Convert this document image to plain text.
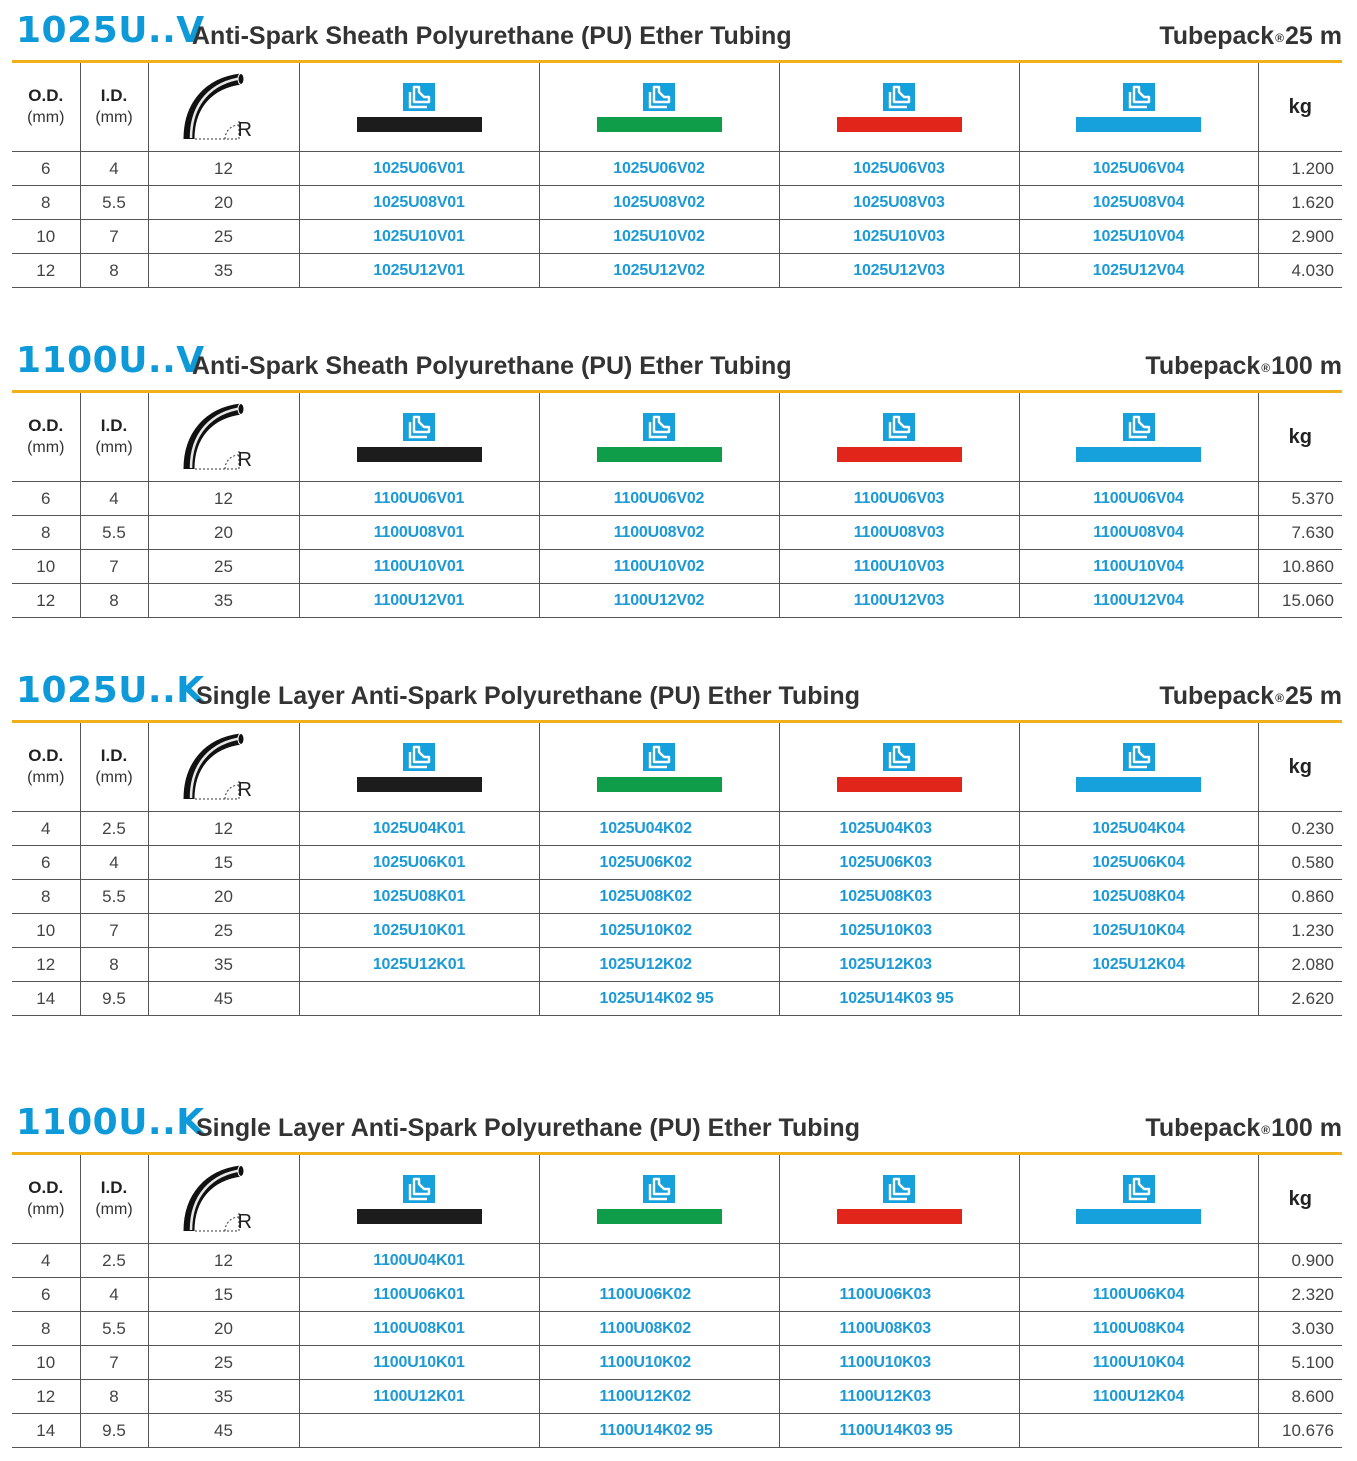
1025U..V
Anti-Spark Sheath Polyurethane (PU) Ether Tubing	Tubepack®25 m
O.D.
(mm)	I.D.
(mm)	R					kg
6	4	12	1025U06V01	1025U06V02	1025U06V03	1025U06V04	1.200
8	5.5	20	1025U08V01	1025U08V02	1025U08V03	1025U08V04	1.620
10	7	25	1025U10V01	1025U10V02	1025U10V03	1025U10V04	2.900
12	8	35	1025U12V01	1025U12V02	1025U12V03	1025U12V04	4.030
1100U..V
Anti-Spark Sheath Polyurethane (PU) Ether Tubing	Tubepack®100 m
O.D.
(mm)	I.D.
(mm)	R					kg
6	4	12	1100U06V01	1100U06V02	1100U06V03	1100U06V04	5.370
8	5.5	20	1100U08V01	1100U08V02	1100U08V03	1100U08V04	7.630
10	7	25	1100U10V01	1100U10V02	1100U10V03	1100U10V04	10.860
12	8	35	1100U12V01	1100U12V02	1100U12V03	1100U12V04	15.060
1025U..K
Single Layer Anti-Spark Polyurethane (PU) Ether Tubing	Tubepack®25 m
O.D.
(mm)	I.D.
(mm)	R					kg
4	2.5	12	1025U04K01	1025U04K02	1025U04K03	1025U04K04	0.230
6	4	15	1025U06K01	1025U06K02	1025U06K03	1025U06K04	0.580
8	5.5	20	1025U08K01	1025U08K02	1025U08K03	1025U08K04	0.860
10	7	25	1025U10K01	1025U10K02	1025U10K03	1025U10K04	1.230
12	8	35	1025U12K01	1025U12K02	1025U12K03	1025U12K04	2.080
14	9.5	45		1025U14K02 95	1025U14K03 95		2.620
1100U..K
Single Layer Anti-Spark Polyurethane (PU) Ether Tubing	Tubepack®100 m
O.D.
(mm)	I.D.
(mm)	R					kg
4	2.5	12	1100U04K01				0.900
6	4	15	1100U06K01	1100U06K02	1100U06K03	1100U06K04	2.320
8	5.5	20	1100U08K01	1100U08K02	1100U08K03	1100U08K04	3.030
10	7	25	1100U10K01	1100U10K02	1100U10K03	1100U10K04	5.100
12	8	35	1100U12K01	1100U12K02	1100U12K03	1100U12K04	8.600
14	9.5	45		1100U14K02 95	1100U14K03 95		10.676
